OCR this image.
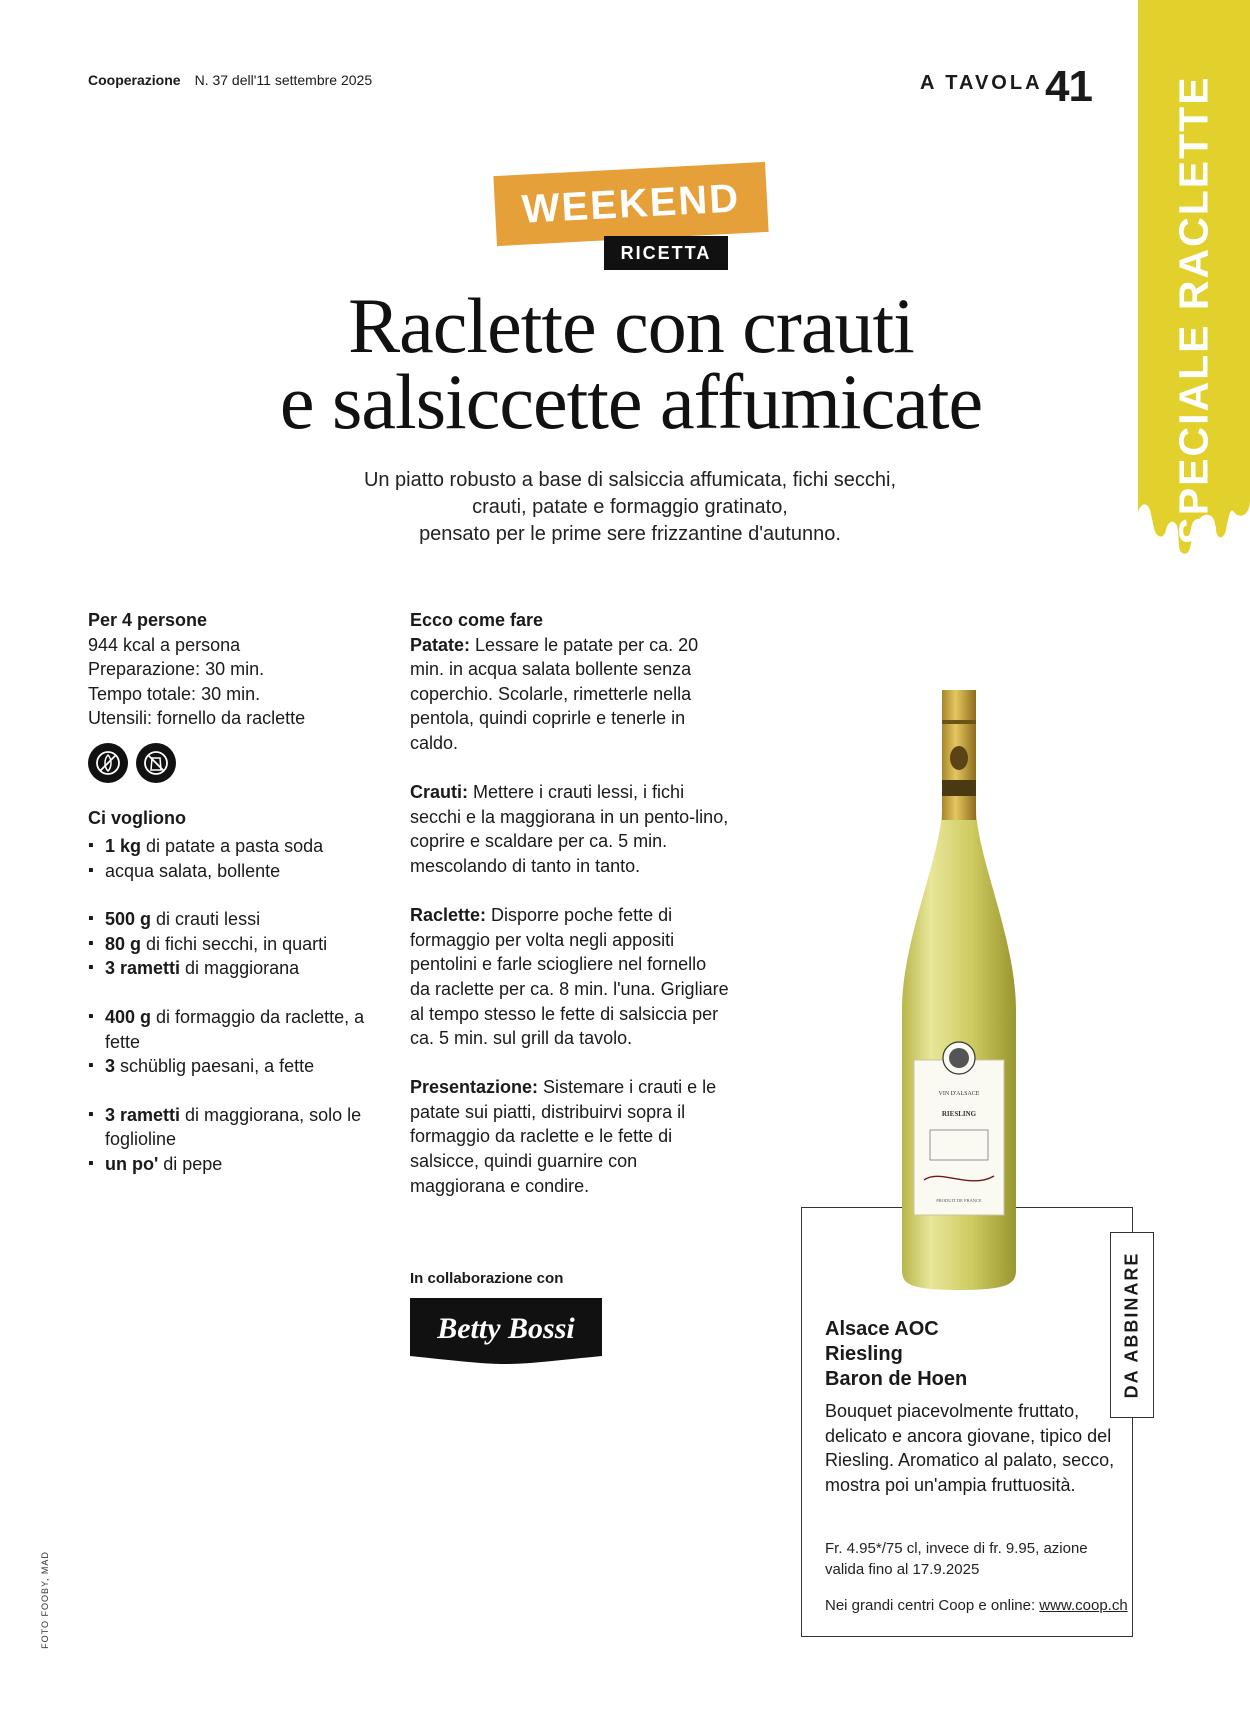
Cooperazione N. 37 dell'11 settembre 2025	A TAVOLA 41 SPECIALE RACLETTE
WEEKEND
RICETTA
Raclette con crauti
e salsiccette affumicate
Un piatto robusto a base di salsiccia affumicata, fichi secchi,
crauti, patate e formaggio gratinato,
pensato per le prime sere frizzantine d'autunno.
Per 4 persone
944 kcal a persona
Preparazione: 30 min.
Tempo totale: 30 min.
Utensili: fornello da raclette
Ci vogliono
▪ 1 kg di patate a pasta soda
▪ acqua salata, bollente
▪ 500 g di crauti lessi
▪ 80 g di fichi secchi, in quarti
▪ 3 rametti di maggiorana
▪ 400 g di formaggio da raclette, a fette
▪ 3 schüblig paesani, a fette
▪ 3 rametti di maggiorana, solo le foglioline
▪ un po' di pepe
Ecco come fare

Patate: Lessare le patate per ca. 20 min. in acqua salata bollente senza coperchio. Scolarle, rimetterle nella pentola, quindi coprirle e tenerle in caldo.

Crauti: Mettere i crauti lessi, i fichi secchi e la maggiorana in un pento-lino, coprire e scaldare per ca. 5 min. mescolando di tanto in tanto.

Raclette: Disporre poche fette di formaggio per volta negli appositi pentolini e farle sciogliere nel fornello da raclette per ca. 8 min. l'una. Grigliare al tempo stesso le fette di salsiccia per ca. 5 min. sul grill da tavolo.

Presentazione: Sistemare i crauti e le patate sui piatti, distribuirvi sopra il formaggio da raclette e le fette di salsicce, quindi guarnire con maggiorana e condire.

In collaborazione con
Betty Bossi	DA ABBINARE
VIN D'ALSACE
RIESLING
PRODUIT DE FRANCE
Alsace AOC
Riesling
Baron de Hoen
Bouquet piacevolmente fruttato, delicato e ancora giovane, tipico del Riesling. Aromatico al palato, secco, mostra poi un'ampia fruttuosità.
Fr. 4.95*/75 cl, invece di fr. 9.95, azione valida fino al 17.9.2025
Nei grandi centri Coop e online: www.coop.ch
FOTO FOOBY, MAD
